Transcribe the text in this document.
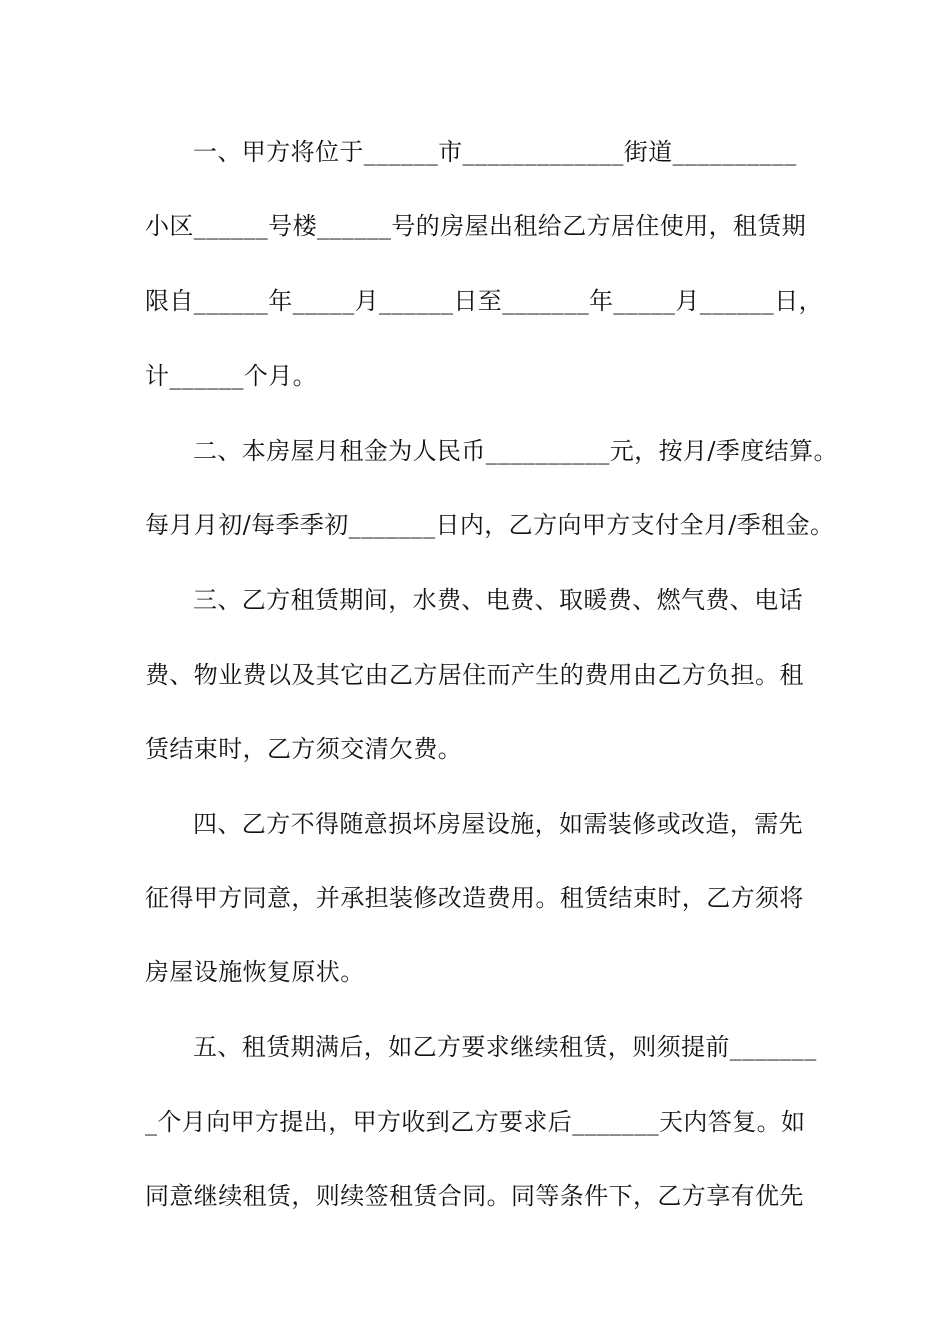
一、甲方将位于______市_____________街道__________
小区______号楼______号的房屋出租给乙方居住使用，租赁期
限自______年_____月______日至_______年_____月______日，
计______个月。
二、本房屋月租金为人民币__________元，按月/季度结算。
每月月初/每季季初_______日内，乙方向甲方支付全月/季租金。
三、乙方租赁期间，水费、电费、取暖费、燃气费、电话
费、物业费以及其它由乙方居住而产生的费用由乙方负担。租
赁结束时，乙方须交清欠费。
四、乙方不得随意损坏房屋设施，如需装修或改造，需先
征得甲方同意，并承担装修改造费用。租赁结束时，乙方须将
房屋设施恢复原状。
五、租赁期满后，如乙方要求继续租赁，则须提前_______
_个月向甲方提出，甲方收到乙方要求后_______天内答复。如
同意继续租赁，则续签租赁合同。同等条件下，乙方享有优先
